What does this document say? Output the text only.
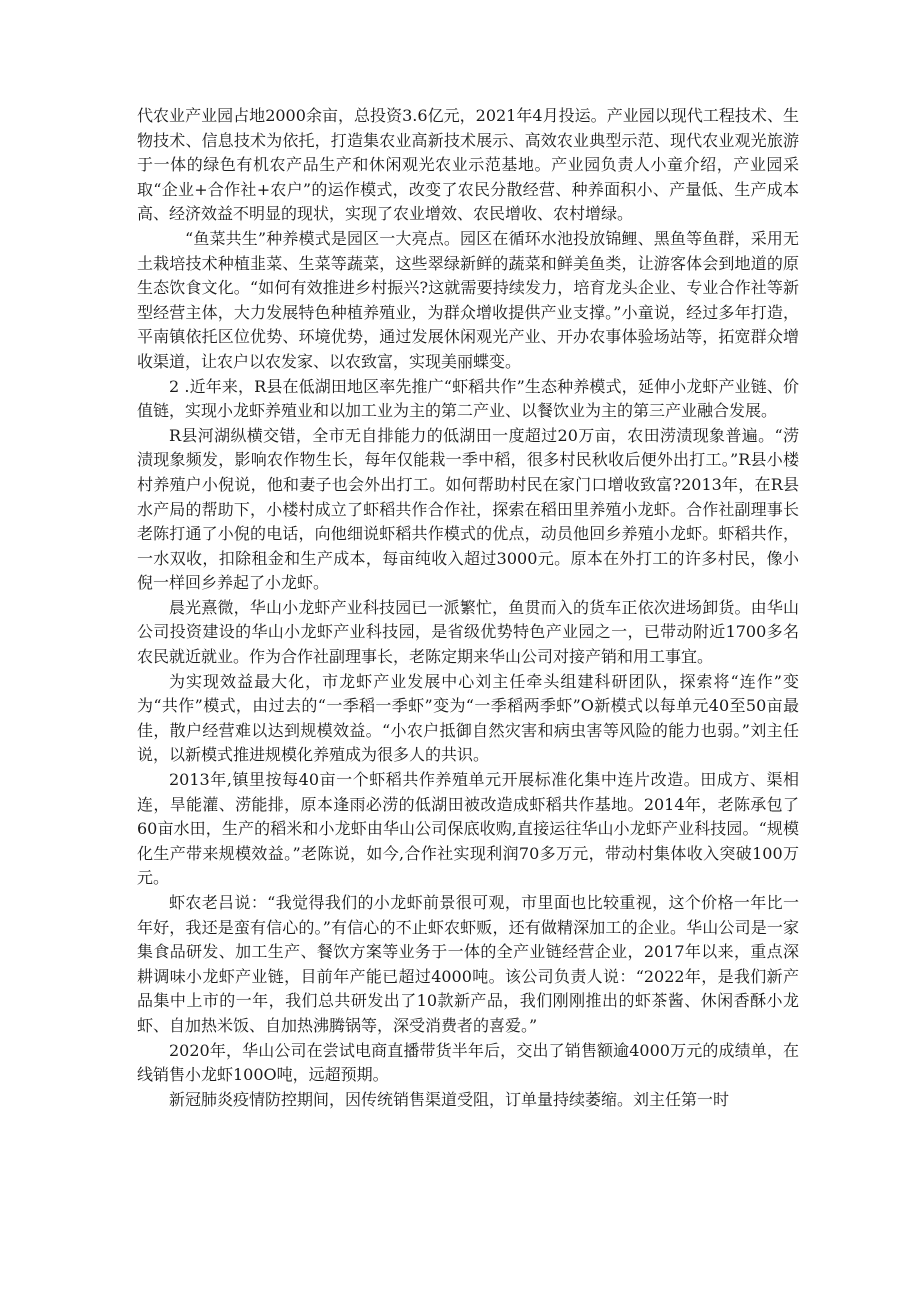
代农业产业园占地2000余亩，总投资3.6亿元，2021年4月投运。产业园以现代工程技术、生物技术、信息技术为依托，打造集农业高新技术展示、高效农业典型示范、现代农业观光旅游于一体的绿色有机农产品生产和休闲观光农业示范基地。产业园负责人小童介绍，产业园采取“企业+合作社+农户”的运作模式，改变了农民分散经营、种养面积小、产量低、生产成本高、经济效益不明显的现状，实现了农业增效、农民增收、农村增绿。

“鱼菜共生”种养模式是园区一大亮点。园区在循环水池投放锦鲤、黑鱼等鱼群，采用无土栽培技术种植韭菜、生菜等蔬菜，这些翠绿新鲜的蔬菜和鲜美鱼类，让游客体会到地道的原生态饮食文化。“如何有效推进乡村振兴?这就需要持续发力，培育龙头企业、专业合作社等新型经营主体，大力发展特色种植养殖业，为群众增收提供产业支撑。”小童说，经过多年打造，平南镇依托区位优势、环境优势，通过发展休闲观光产业、开办农事体验场站等，拓宽群众增收渠道，让农户以农发家、以农致富，实现美丽蝶变。

2 .近年来，R县在低湖田地区率先推广“虾稻共作”生态种养模式，延伸小龙虾产业链、价值链，实现小龙虾养殖业和以加工业为主的第二产业、以餐饮业为主的第三产业融合发展。

R县河湖纵横交错，全市无自排能力的低湖田一度超过20万亩，农田涝渍现象普遍。“涝渍现象频发，影响农作物生长，每年仅能栽一季中稻，很多村民秋收后便外出打工。”R县小楼村养殖户小倪说，他和妻子也会外出打工。如何帮助村民在家门口增收致富?2013年，在R县水产局的帮助下，小楼村成立了虾稻共作合作社，探索在稻田里养殖小龙虾。合作社副理事长老陈打通了小倪的电话，向他细说虾稻共作模式的优点，动员他回乡养殖小龙虾。虾稻共作，一水双收，扣除租金和生产成本，每亩纯收入超过3000元。原本在外打工的许多村民，像小倪一样回乡养起了小龙虾。

晨光熹微，华山小龙虾产业科技园已一派繁忙，鱼贯而入的货车正依次进场卸货。由华山公司投资建设的华山小龙虾产业科技园，是省级优势特色产业园之一，已带动附近1700多名农民就近就业。作为合作社副理事长，老陈定期来华山公司对接产销和用工事宜。

为实现效益最大化，市龙虾产业发展中心刘主任牵头组建科研团队，探索将“连作”变为“共作”模式，由过去的“一季稻一季虾”变为“一季稻两季虾”O新模式以每单元40至50亩最佳，散户经营难以达到规模效益。“小农户抵御自然灾害和病虫害等风险的能力也弱。”刘主任说，以新模式推进规模化养殖成为很多人的共识。

2013年,镇里按每40亩一个虾稻共作养殖单元开展标准化集中连片改造。田成方、渠相连，旱能灌、涝能排，原本逢雨必涝的低湖田被改造成虾稻共作基地。2014年，老陈承包了60亩水田，生产的稻米和小龙虾由华山公司保底收购,直接运往华山小龙虾产业科技园。“规模化生产带来规模效益。”老陈说，如今,合作社实现利润70多万元，带动村集体收入突破100万元。

虾农老吕说：“我觉得我们的小龙虾前景很可观，市里面也比较重视，这个价格一年比一年好，我还是蛮有信心的。”有信心的不止虾农虾贩，还有做精深加工的企业。华山公司是一家集食品研发、加工生产、餐饮方案等业务于一体的全产业链经营企业，2017年以来，重点深耕调味小龙虾产业链，目前年产能已超过4000吨。该公司负责人说：“2022年，是我们新产品集中上市的一年，我们总共研发出了10款新产品，我们刚刚推出的虾茶酱、休闲香酥小龙虾、自加热米饭、自加热沸腾锅等，深受消费者的喜爱。”

2020年，华山公司在尝试电商直播带货半年后，交出了销售额逾4000万元的成绩单，在线销售小龙虾100O吨，远超预期。

新冠肺炎疫情防控期间，因传统销售渠道受阻，订单量持续萎缩。刘主任第一时
